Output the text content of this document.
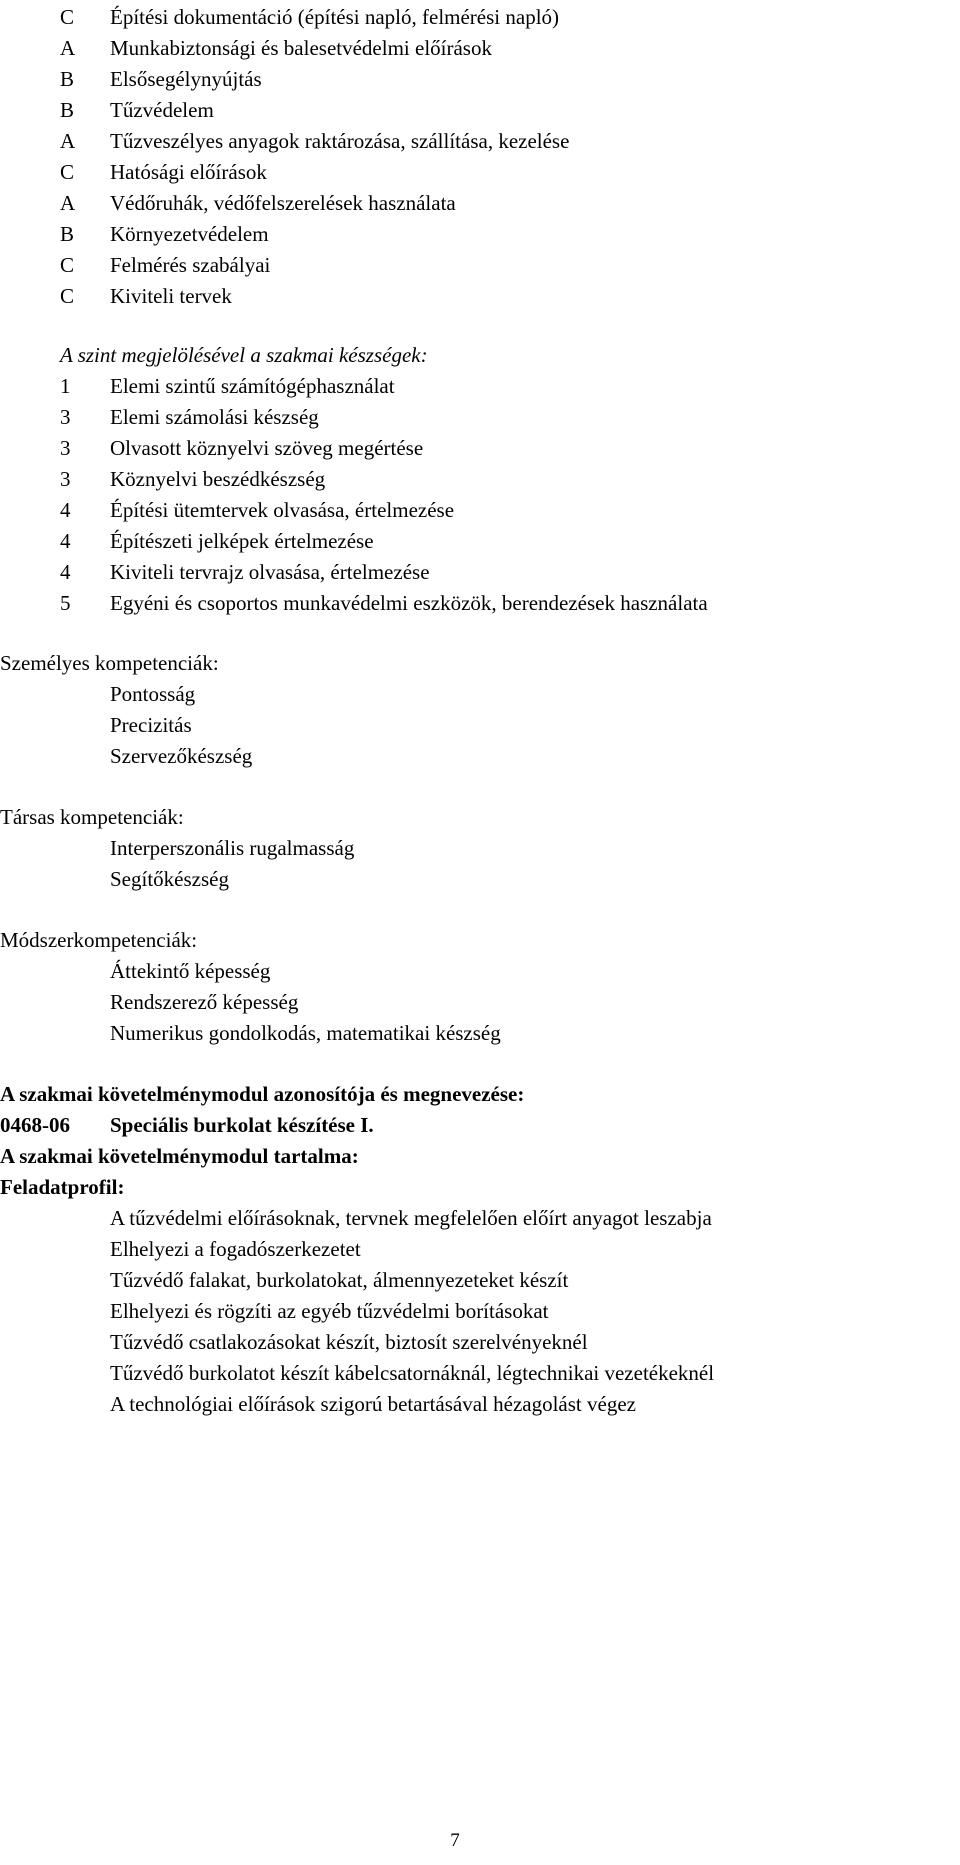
C	Építési dokumentáció (építési napló, felmérési napló)
A	Munkabiztonsági és balesetvédelmi előírások
B	Elsősegélynyújtás
B	Tűzvédelem
A	Tűzveszélyes anyagok raktározása, szállítása, kezelése
C	Hatósági előírások
A	Védőruhák, védőfelszerelések használata
B	Környezetvédelem
C	Felmérés szabályai
C	Kiviteli tervek
A szint megjelölésével a szakmai készségek:
1 Elemi szintű számítógéphasználat
3 Elemi számolási készség
3 Olvasott köznyelvi szöveg megértése
3 Köznyelvi beszédkészség
4 Építési ütemtervek olvasása, értelmezése
4 Építészeti jelképek értelmezése
4 Kiviteli tervrajz olvasása, értelmezése
5 Egyéni és csoportos munkavédelmi eszközök, berendezések használata
Személyes kompetenciák:
Pontosság
Precizitás
Szervezőkészség
Társas kompetenciák:
Interperszonális rugalmasság
Segítőkészség
Módszerkompetenciák:
Áttekintő képesség
Rendszerező képesség
Numerikus gondolkodás, matematikai készség
A szakmai követelménymodul azonosítója és megnevezése:
0468-06 Speciális burkolat készítése I.
A szakmai követelménymodul tartalma:
Feladatprofil:
A tűzvédelmi előírásoknak, tervnek megfelelően előírt anyagot leszabja
Elhelyezi a fogadószerkezetet
Tűzvédő falakat, burkolatokat, álmennyezeteket készít
Elhelyezi és rögzíti az egyéb tűzvédelmi borításokat
Tűzvédő csatlakozásokat készít, biztosít szerelvényeknél
Tűzvédő burkolatot készít kábelcsatornáknál, légtechnikai vezetékeknél
A technológiai előírások szigorú betartásával hézagolást végez
7
